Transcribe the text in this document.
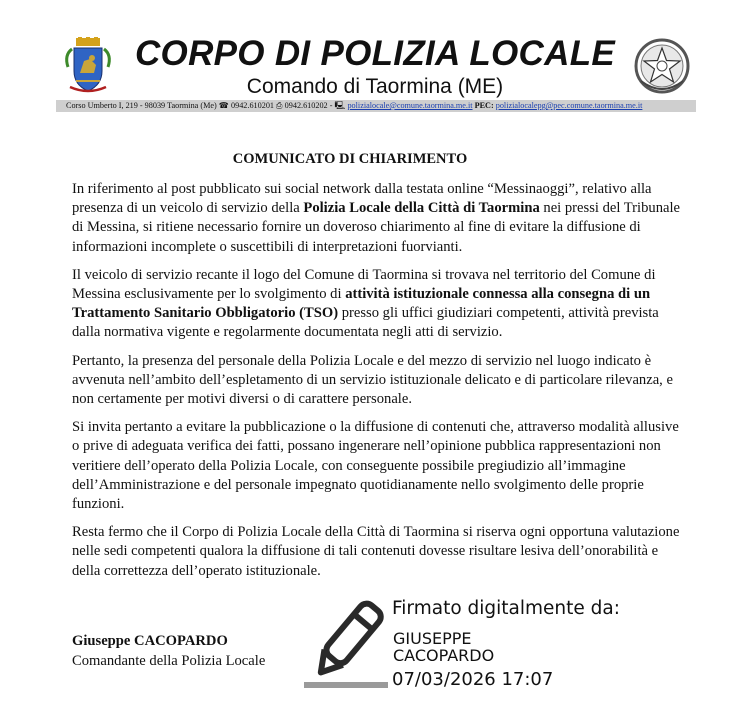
CORPO DI POLIZIA LOCALE
Comando di Taormina (ME)
Corso Umberto I, 219 - 98039 Taormina (Me) ☎ 0942.610201 ⎙ 0942.610202 - 🖳 polizialocale@comune.taormina.me.it PEC: polizialocalepg@pec.comune.taormina.me.it
COMUNICATO DI CHIARIMENTO

In riferimento al post pubblicato sui social network dalla testata online “Messinaoggi”, relativo alla presenza di un veicolo di servizio della Polizia Locale della Città di Taormina nei pressi del Tribunale di Messina, si ritiene necessario fornire un doveroso chiarimento al fine di evitare la diffusione di informazioni incomplete o suscettibili di interpretazioni fuorvianti.

Il veicolo di servizio recante il logo del Comune di Taormina si trovava nel territorio del Comune di Messina esclusivamente per lo svolgimento di attività istituzionale connessa alla consegna di un Trattamento Sanitario Obbligatorio (TSO) presso gli uffici giudiziari competenti, attività prevista dalla normativa vigente e regolarmente documentata negli atti di servizio.

Pertanto, la presenza del personale della Polizia Locale e del mezzo di servizio nel luogo indicato è avvenuta nell’ambito dell’espletamento di un servizio istituzionale delicato e di particolare rilevanza, e non certamente per motivi diversi o di carattere personale.

Si invita pertanto a evitare la pubblicazione o la diffusione di contenuti che, attraverso modalità allusive o prive di adeguata verifica dei fatti, possano ingenerare nell’opinione pubblica rappresentazioni non veritiere dell’operato della Polizia Locale, con conseguente possibile pregiudizio all’immagine dell’Amministrazione e del personale impegnato quotidianamente nello svolgimento delle proprie funzioni.

Resta fermo che il Corpo di Polizia Locale della Città di Taormina si riserva ogni opportuna valutazione nelle sedi competenti qualora la diffusione di tali contenuti dovesse risultare lesiva dell’onorabilità e della correttezza dell’operato istituzionale.

Giuseppe CACOPARDO
Comandante della Polizia Locale
Firmato digitalmente da:
GIUSEPPE
CACOPARDO
07/03/2026 17:07
